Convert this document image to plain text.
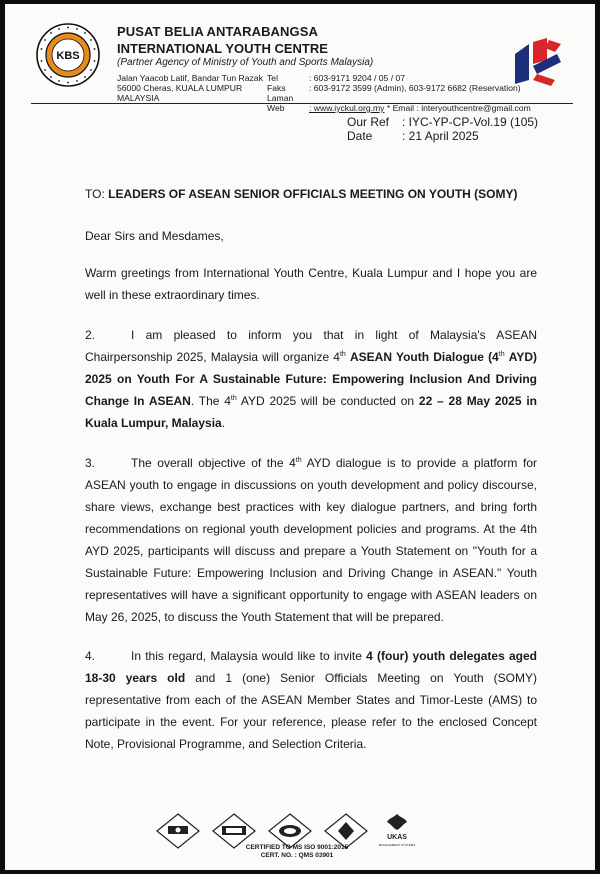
KBS
PUSAT BELIA ANTARABANGSA
INTERNATIONAL YOUTH CENTRE
(Partner Agency of Ministry of Youth and Sports Malaysia)
Jalan Yaacob Latif, Bandar Tun Razak
56000 Cheras, KUALA LUMPUR
MALAYSIA
Tel	: 603-9171 9204 / 05 / 07
Faks	: 603-9172 3599 (Admin), 603-9172 6682 (Reservation)
Laman Web	: www.iyckul.org.my * Email : interyouthcentre@gmail.com
Our Ref : IYC-YP-CP-Vol.19 (105)
Date : 21 April 2025
TO: LEADERS OF ASEAN SENIOR OFFICIALS MEETING ON YOUTH (SOMY)
Dear Sirs and Mesdames,
Warm greetings from International Youth Centre, Kuala Lumpur and I hope you are well in these extraordinary times.
2.	I am pleased to inform you that in light of Malaysia's ASEAN Chairpersonship 2025, Malaysia will organize 4th ASEAN Youth Dialogue (4th AYD) 2025 on Youth For A Sustainable Future: Empowering Inclusion And Driving Change In ASEAN. The 4th AYD 2025 will be conducted on 22 – 28 May 2025 in Kuala Lumpur, Malaysia.
3.	The overall objective of the 4th AYD dialogue is to provide a platform for ASEAN youth to engage in discussions on youth development and policy discourse, share views, exchange best practices with key dialogue partners, and bring forth recommendations on regional youth development policies and programs. At the 4th AYD 2025, participants will discuss and prepare a Youth Statement on "Youth for a Sustainable Future: Empowering Inclusion and Driving Change in ASEAN." Youth representatives will have a significant opportunity to engage with ASEAN leaders on May 26, 2025, to discuss the Youth Statement that will be prepared.
4.	In this regard, Malaysia would like to invite 4 (four) youth delegates aged 18-30 years old and 1 (one) Senior Officials Meeting on Youth (SOMY) representative from each of the ASEAN Member States and Timor-Leste (AMS) to participate in the event. For your reference, please refer to the enclosed Concept Note, Provisional Programme, and Selection Criteria.
UKAS
MANAGEMENT SYSTEMS
CERTIFIED TO MS ISO 9001:2015
CERT. NO. : QMS 03901
